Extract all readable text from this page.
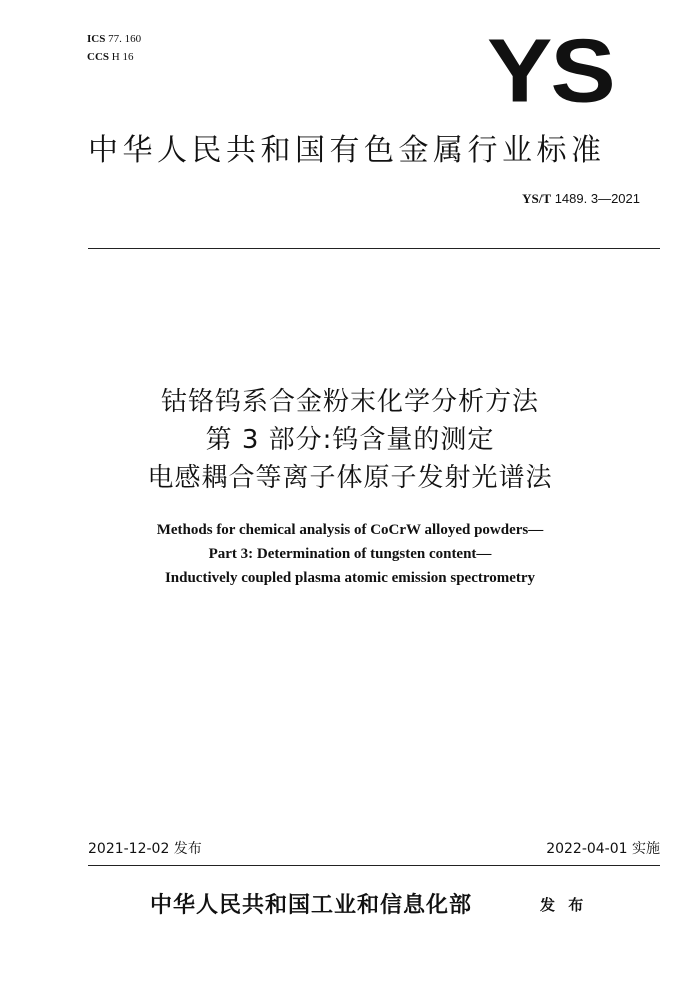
ICS 77. 160
CCS H 16	YS
中华人民共和国有色金属行业标准
YS/T 1489. 3—2021
钴铬钨系合金粉末化学分析方法
第 3 部分:钨含量的测定
电感耦合等离子体原子发射光谱法
Methods for chemical analysis of CoCrW alloyed powders—
Part 3: Determination of tungsten content—
Inductively coupled plasma atomic emission spectrometry
2021-12-02 发布	2022-04-01 实施
中华人民共和国工业和信息化部	发 布
